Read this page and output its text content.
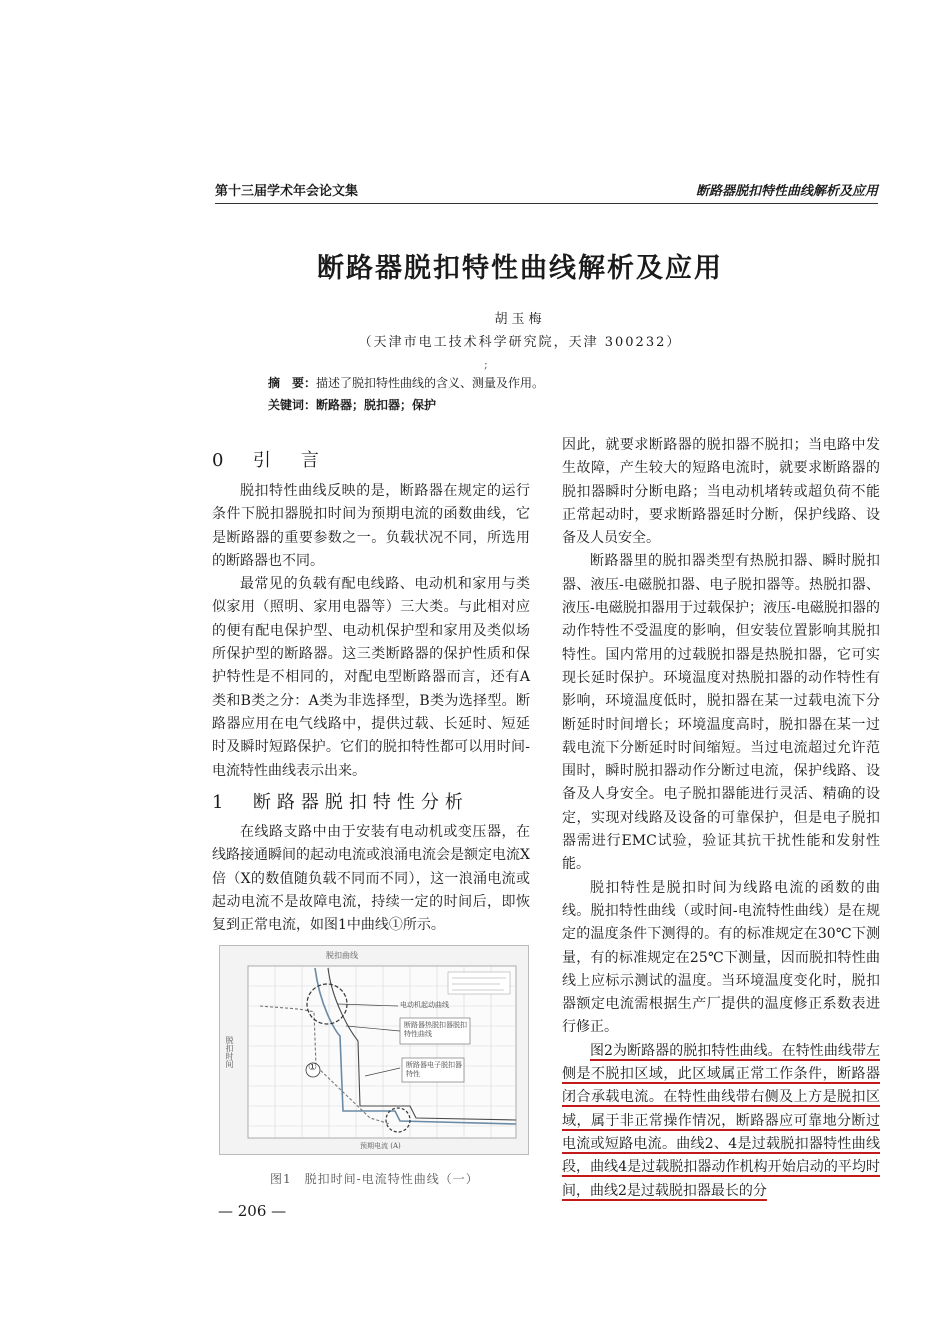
第十三届学术年会论文集	断路器脱扣特性曲线解析及应用
断路器脱扣特性曲线解析及应用
胡玉梅
（天津市电工技术科学研究院，天津 300232）
;
摘　要：描述了脱扣特性曲线的含义、测量及作用。
关键词：断路器；脱扣器；保护
0 引　言

脱扣特性曲线反映的是，断路器在规定的运行条件下脱扣器脱扣时间为预期电流的函数曲线，它是断路器的重要参数之一。负载状况不同，所选用的断路器也不同。

最常见的负载有配电线路、电动机和家用与类似家用（照明、家用电器等）三大类。与此相对应的便有配电保护型、电动机保护型和家用及类似场所保护型的断路器。这三类断路器的保护性质和保护特性是不相同的，对配电型断路器而言，还有A类和B类之分：A类为非选择型，B类为选择型。断路器应用在电气线路中，提供过载、长延时、短延时及瞬时短路保护。它们的脱扣特性都可以用时间-电流特性曲线表示出来。

1 断路器脱扣特性分析

在线路支路中由于安装有电动机或变压器，在线路接通瞬间的起动电流或浪涌电流会是额定电流X倍（X的数值随负载不同而不同），这一浪涌电流或起动电流不是故障电流，持续一定的时间后，即恢复到正常电流，如图1中曲线①所示。

脱扣曲线
脱扣时间
预期电流 (A)
①
电动机起动曲线
断路器热脱扣器脱扣特性曲线
断路器电子脱扣器特性
图1　脱扣时间-电流特性曲线（一）
— 206 —

因此，就要求断路器的脱扣器不脱扣；当电路中发生故障，产生较大的短路电流时，就要求断路器的脱扣器瞬时分断电路；当电动机堵转或超负荷不能正常起动时，要求断路器延时分断，保护线路、设备及人员安全。

断路器里的脱扣器类型有热脱扣器、瞬时脱扣器、液压-电磁脱扣器、电子脱扣器等。热脱扣器、液压-电磁脱扣器用于过载保护；液压-电磁脱扣器的动作特性不受温度的影响，但安装位置影响其脱扣特性。国内常用的过载脱扣器是热脱扣器，它可实现长延时保护。环境温度对热脱扣器的动作特性有影响，环境温度低时，脱扣器在某一过载电流下分断延时时间增长；环境温度高时，脱扣器在某一过载电流下分断延时时间缩短。当过电流超过允许范围时，瞬时脱扣器动作分断过电流，保护线路、设备及人身安全。电子脱扣器能进行灵活、精确的设定，实现对线路及设备的可靠保护，但是电子脱扣器需进行EMC试验，验证其抗干扰性能和发射性能。

脱扣特性是脱扣时间为线路电流的函数的曲线。脱扣特性曲线（或时间-电流特性曲线）是在规定的温度条件下测得的。有的标准规定在30℃下测量，有的标准规定在25℃下测量，因而脱扣特性曲线上应标示测试的温度。当环境温度变化时，脱扣器额定电流需根据生产厂提供的温度修正系数表进行修正。

图2为断路器的脱扣特性曲线。在特性曲线带左侧是不脱扣区域，此区域属正常工作条件，断路器闭合承载电流。在特性曲线带右侧及上方是脱扣区域，属于非正常操作情况，断路器应可靠地分断过电流或短路电流。曲线2、4是过载脱扣器特性曲线段，曲线4是过载脱扣器动作机构开始启动的平均时间，曲线2是过载脱扣器最长的分
